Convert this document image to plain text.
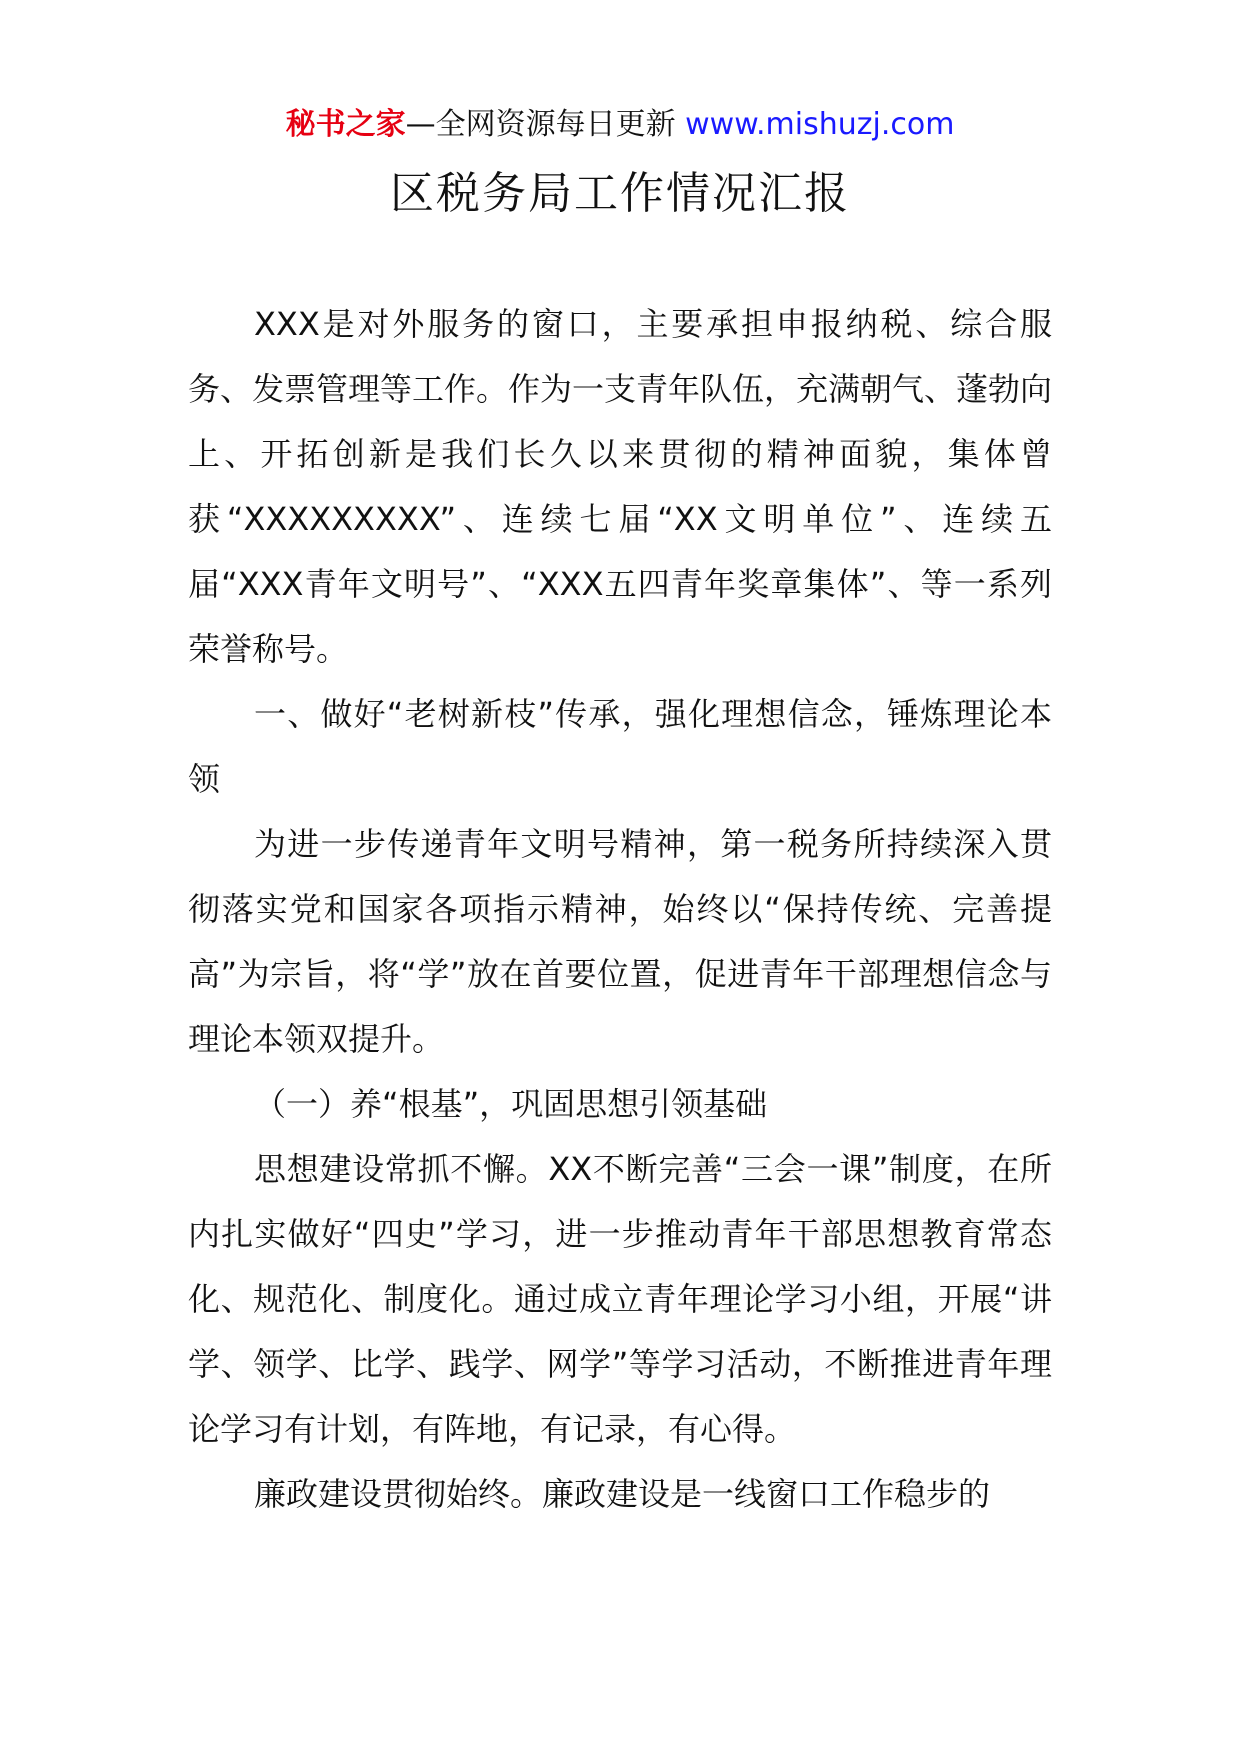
秘书之家—全网资源每日更新 www.mishuzj.com
区税务局工作情况汇报

XXX是对外服务的窗口，主要承担申报纳税、综合服务、发票管理等工作。作为一支青年队伍，充满朝气、蓬勃向上、开拓创新是我们长久以来贯彻的精神面貌，集体曾获“XXXXXXXXX”、连续七届“XX文明单位”、连续五届“XXX青年文明号”、“XXX五四青年奖章集体”、等一系列荣誉称号。

一、做好“老树新枝”传承，强化理想信念，锤炼理论本领

为进一步传递青年文明号精神，第一税务所持续深入贯彻落实党和国家各项指示精神，始终以“保持传统、完善提高”为宗旨，将“学”放在首要位置，促进青年干部理想信念与理论本领双提升。

（一）养“根基”，巩固思想引领基础

思想建设常抓不懈。XX不断完善“三会一课”制度，在所内扎实做好“四史”学习，进一步推动青年干部思想教育常态化、规范化、制度化。通过成立青年理论学习小组，开展“讲学、领学、比学、践学、网学”等学习活动，不断推进青年理论学习有计划，有阵地，有记录，有心得。

廉政建设贯彻始终。廉政建设是一线窗口工作稳步的
